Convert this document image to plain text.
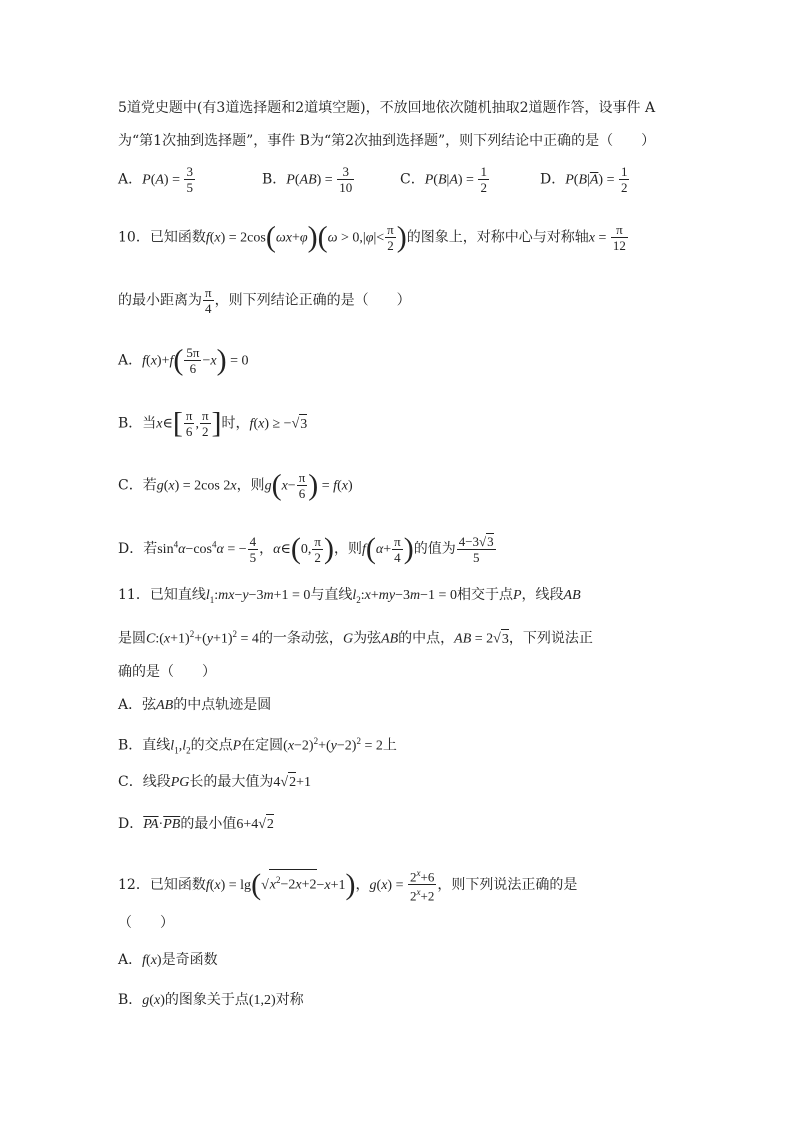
5道党史题中(有3道选择题和2道填空题)，不放回地依次随机抽取2道题作答，设事件 A
为“第1次抽到选择题”，事件 B为“第2次抽到选择题”，则下列结论中正确的是（　　）
A．$P(A) = \frac{3}{5}$	B．$P(AB) = \frac{3}{10}$	C．$P(B|A) = \frac{1}{2}$	D．$P(B|\overline{A}) = \frac{1}{2}$
10．已知函数$f(x) = 2\cos(\omega x+\varphi)(\omega > 0,|\varphi|< \frac{\pi}{2}$ )的图象上，对称中心与对称轴$x = \frac{\pi}{12}$
的最小距离为 $\frac{\pi}{4}$ ，则下列结论正确的是（　　）
A．$f(x)+f( \frac{5\pi}{6} -x) = 0$
B．当x∈[ $\frac{\pi}{6}$ , $\frac{\pi}{2}$ ]时，f(x) ≥ −√3
C．若g(x) = 2cos 2x，则$g(x- \frac{\pi}{6}$ ) = f(x)
D．若$\sin^4\alpha-\cos^4\alpha$ = − $\frac{4}{5}$ ，α∈(0, $\frac{\pi}{2}$ )，则$f(\alpha+ \frac{\pi}{4}$ )的值为 $\frac{4-3√3}{5}$
11．已知直线$l_1:mx-y-3m+1 = 0$与直线$l_2:x+my-3m-1 = 0$相交于点P，线段AB
是圆$C:(x+1)^2+(y+1)^2 = 4$的一条动弦，G为弦AB的中点，AB = 2√3，下列说法正
确的是（　　）
A．弦AB的中点轨迹是圆
B．直线$l_1,l_2$的交点P在定圆$(x-2)^2+(y-2)^2 = 2$上
C．线段PG长的最大值为4√2+1
D．$\overline{PA}\cdot\overline{PB}$的最小值6+4√2
12．已知函数$f(x) = \lg(√x^2-2x+2-x+1)$，$g(x) = \frac{2^x+6}{2^x+2}$ ，则下列说法正确的是
（　　）
A．f(x)是奇函数
B．g(x)的图象关于点(1,2)对称
